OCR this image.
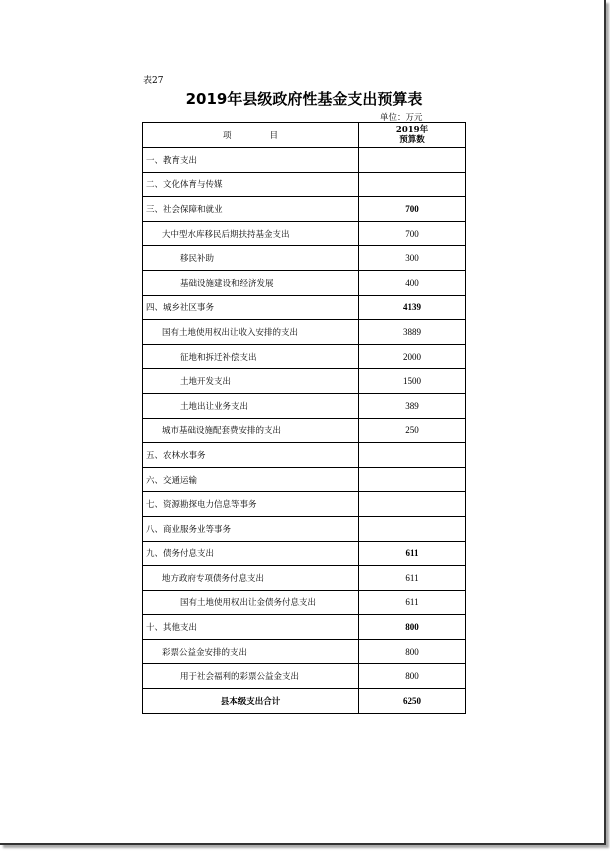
表27
2019年县级政府性基金支出预算表
单位：万元
项 目	2019年
预算数
一、教育支出	
二、文化体育与传媒	
三、社会保障和就业	700
大中型水库移民后期扶持基金支出	700
移民补助	300
基础设施建设和经济发展	400
四、城乡社区事务	4139
国有土地使用权出让收入安排的支出	3889
征地和拆迁补偿支出	2000
土地开发支出	1500
土地出让业务支出	389
城市基础设施配套费安排的支出	250
五、农林水事务	
六、交通运输	
七、资源勘探电力信息等事务	
八、商业服务业等事务	
九、债务付息支出	611
地方政府专项债务付息支出	611
国有土地使用权出让金债务付息支出	611
十、其他支出	800
彩票公益金安排的支出	800
用于社会福利的彩票公益金支出	800
县本级支出合计	6250
